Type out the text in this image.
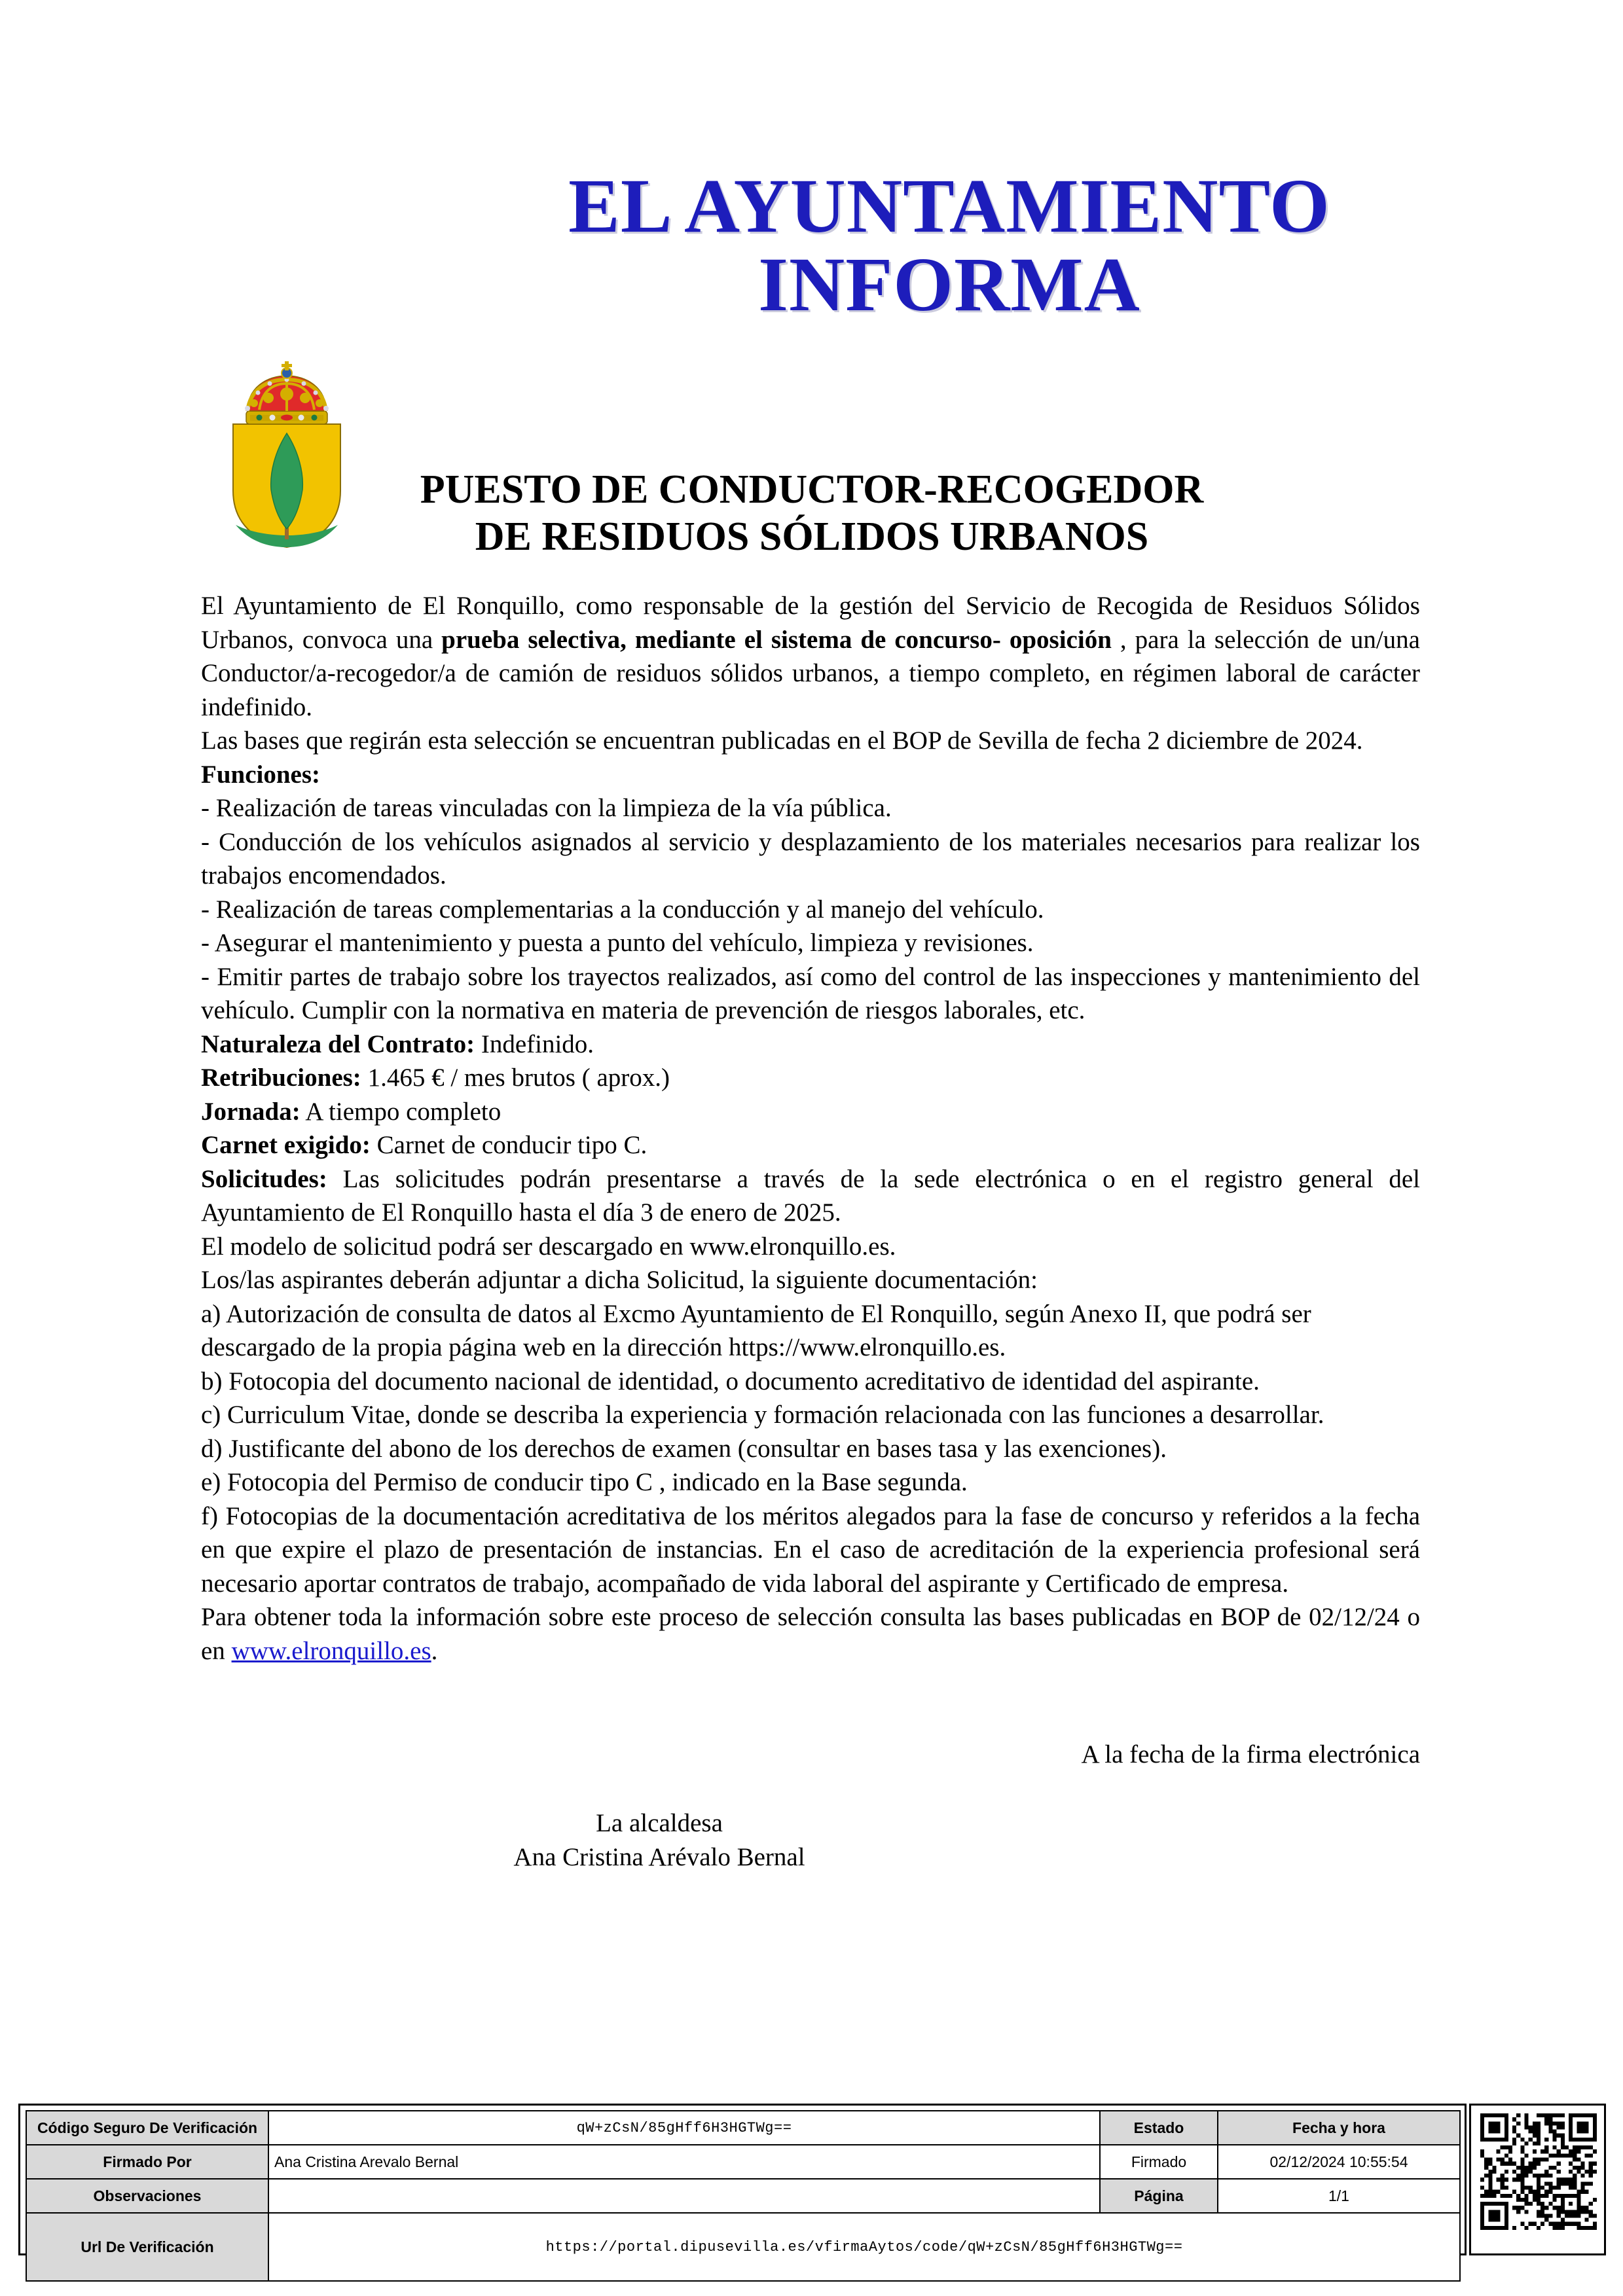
EL AYUNTAMIENTO
INFORMA
PUESTO DE CONDUCTOR-RECOGEDOR
DE RESIDUOS SÓLIDOS URBANOS

El Ayuntamiento de El Ronquillo, como responsable de la gestión del Servicio de Recogida de Residuos Sólidos Urbanos, convoca una prueba selectiva, mediante el sistema de concurso- oposición , para la selección de un/una Conductor/a-recogedor/a de camión de residuos sólidos urbanos, a tiempo completo, en régimen laboral de carácter indefinido.

Las bases que regirán esta selección se encuentran publicadas en el BOP de Sevilla de fecha 2 diciembre de 2024.

Funciones:

- Realización de tareas vinculadas con la limpieza de la vía pública.

- Conducción de los vehículos asignados al servicio y desplazamiento de los materiales necesarios para realizar los trabajos encomendados.

- Realización de tareas complementarias a la conducción y al manejo del vehículo.

- Asegurar el mantenimiento y puesta a punto del vehículo, limpieza y revisiones.

- Emitir partes de trabajo sobre los trayectos realizados, así como del control de las inspecciones y mantenimiento del vehículo. Cumplir con la normativa en materia de prevención de riesgos laborales, etc.

Naturaleza del Contrato: Indefinido.

Retribuciones: 1.465 € / mes brutos ( aprox.)

Jornada: A tiempo completo

Carnet exigido: Carnet de conducir tipo C.

Solicitudes: Las solicitudes podrán presentarse a través de la sede electrónica o en el registro general del Ayuntamiento de El Ronquillo hasta el día 3 de enero de 2025.

El modelo de solicitud podrá ser descargado en www.elronquillo.es.

Los/las aspirantes deberán adjuntar a dicha Solicitud, la siguiente documentación:

a) Autorización de consulta de datos al Excmo Ayuntamiento de El Ronquillo, según Anexo II, que podrá ser descargado de la propia página web en la dirección https://www.elronquillo.es.

b) Fotocopia del documento nacional de identidad, o documento acreditativo de identidad del aspirante.

c) Curriculum Vitae, donde se describa la experiencia y formación relacionada con las funciones a desarrollar.

d) Justificante del abono de los derechos de examen (consultar en bases tasa y las exenciones).

e) Fotocopia del Permiso de conducir tipo C , indicado en la Base segunda.

f) Fotocopias de la documentación acreditativa de los méritos alegados para la fase de concurso y referidos a la fecha en que expire el plazo de presentación de instancias. En el caso de acreditación de la experiencia profesional será necesario aportar contratos de trabajo, acompañado de vida laboral del aspirante y Certificado de empresa.

Para obtener toda la información sobre este proceso de selección consulta las bases publicadas en BOP de 02/12/24 o en www.elronquillo.es.

A la fecha de la firma electrónica
La alcaldesa
Ana Cristina Arévalo Bernal
Código Seguro De Verificación	qW+zCsN/85gHff6H3HGTWg==	Estado	Fecha y hora
Firmado Por	Ana Cristina Arevalo Bernal	Firmado	02/12/2024 10:55:54
Observaciones		Página	1/1
Url De Verificación	https://portal.dipusevilla.es/vfirmaAytos/code/qW+zCsN/85gHff6H3HGTWg==		
